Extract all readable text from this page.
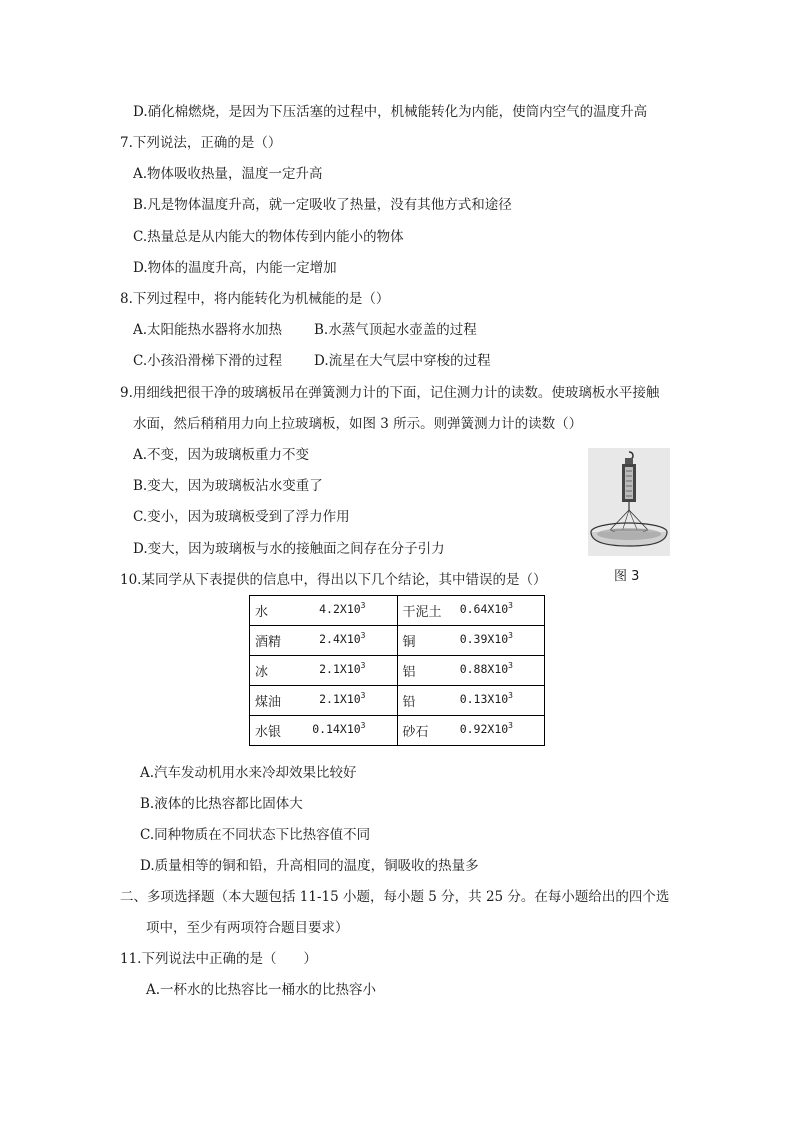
D.硝化棉燃烧，是因为下压活塞的过程中，机械能转化为内能，使筒内空气的温度升高
7.下列说法，正确的是（）
A.物体吸收热量，温度一定升高
B.凡是物体温度升高，就一定吸收了热量，没有其他方式和途径
C.热量总是从内能大的物体传到内能小的物体
D.物体的温度升高，内能一定增加
8.下列过程中，将内能转化为机械能的是（）
A.太阳能热水器将水加热 B.水蒸气顶起水壶盖的过程
C.小孩沿滑梯下滑的过程 D.流星在大气层中穿梭的过程
9.用细线把很干净的玻璃板吊在弹簧测力计的下面，记住测力计的读数。使玻璃板水平接触
水面，然后稍稍用力向上拉玻璃板，如图 3 所示。则弹簧测力计的读数（）
A.不变，因为玻璃板重力不变
B.变大，因为玻璃板沾水变重了
C.变小，因为玻璃板受到了浮力作用
D.变大，因为玻璃板与水的接触面之间存在分子引力
图 3
10.某同学从下表提供的信息中，得出以下几个结论，其中错误的是（）
水 $4.2X10^3$	干泥土 $0.64X10^3$

酒精 $2.4X10^3$	铜 $0.39X10^3$

冰 $2.1X10^3$	铝 $0.88X10^3$

煤油 $2.1X10^3$	铅 $0.13X10^3$

水银 $0.14X10^3$	砂石 $0.92X10^3$
A.汽车发动机用水来冷却效果比较好
B.液体的比热容都比固体大
C.同种物质在不同状态下比热容值不同
D.质量相等的铜和铅，升高相同的温度，铜吸收的热量多
二、多项选择题（本大题包括 11-15 小题，每小题 5 分，共 25 分。在每小题给出的四个选
项中，至少有两项符合题目要求）
11.下列说法中正确的是（　　）
A.一杯水的比热容比一桶水的比热容小
